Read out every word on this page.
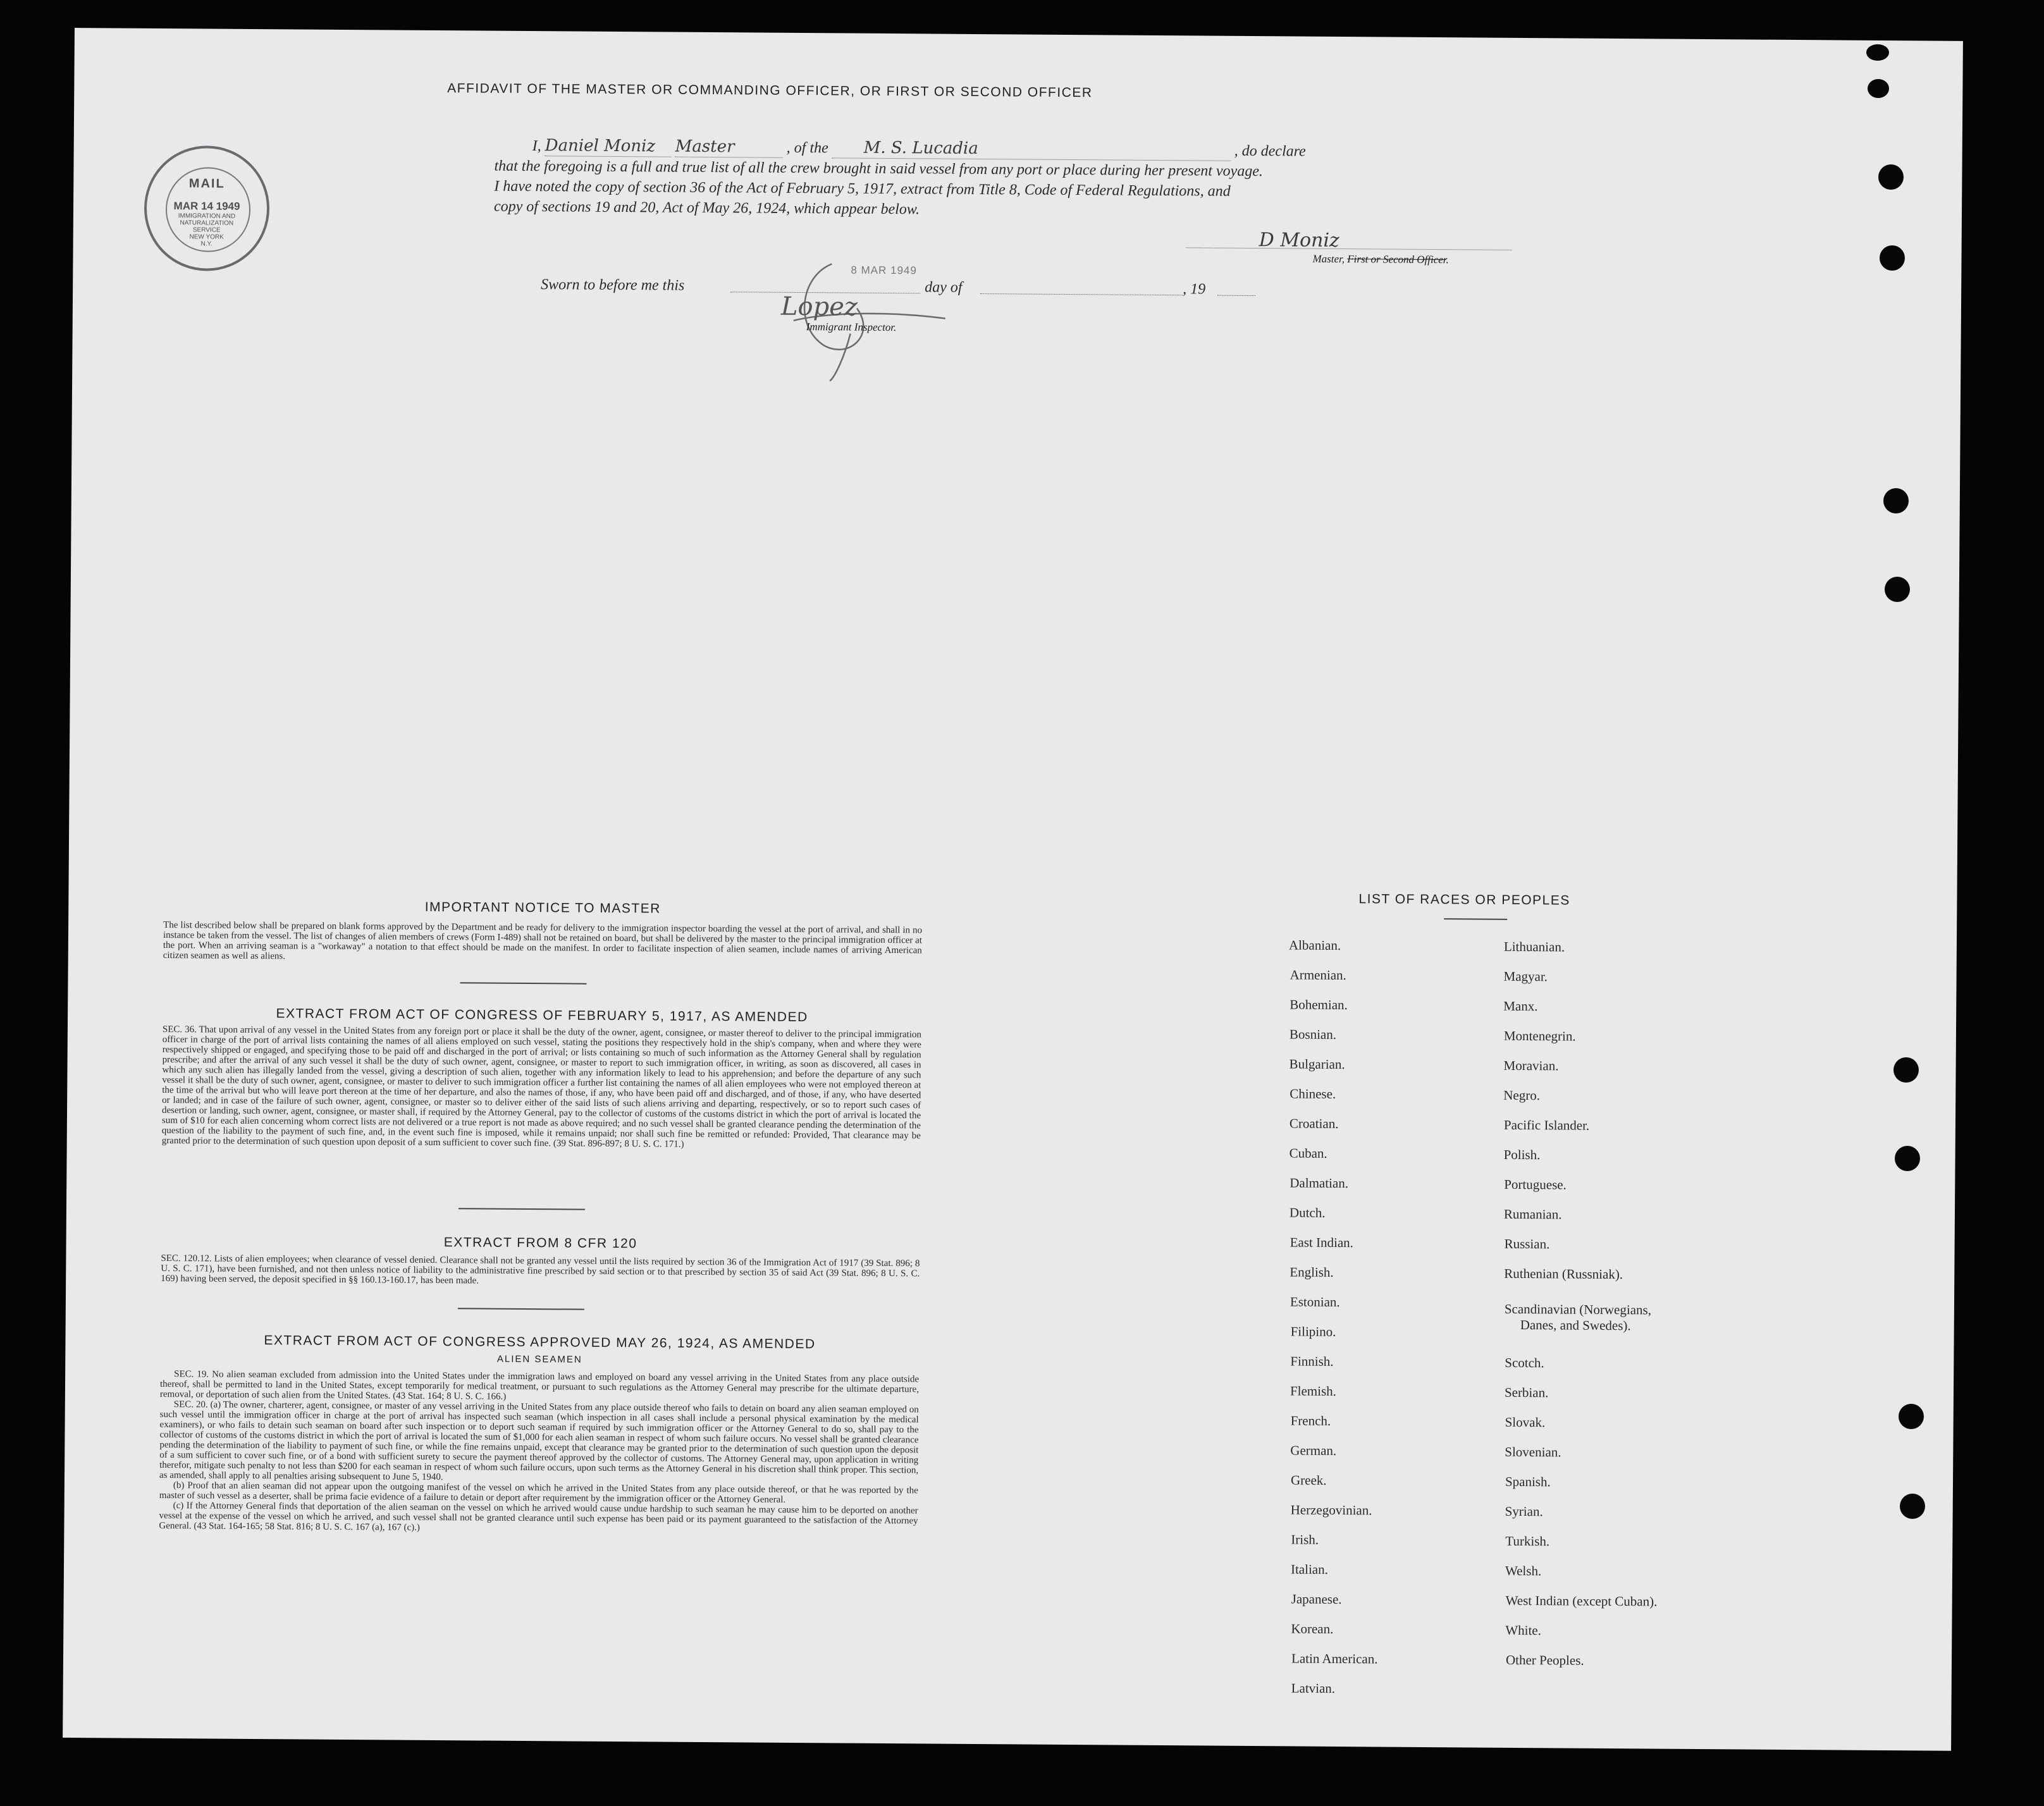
AFFIDAVIT OF THE MASTER OR COMMANDING OFFICER, OR FIRST OR SECOND OFFICER
I, Daniel Moniz Master	, of the M. S. Lucadia	, do declare
that the foregoing is a full and true list of all the crew brought in said vessel from any port or place during her present voyage.
I have noted the copy of section 36 of the Act of February 5, 1917, extract from Title 8, Code of Federal Regulations, and
copy of sections 19 and 20, Act of May 26, 1924, which appear below.
D Moniz
Master, First or Second Officer.
Sworn to before me this
8 MAR 1949
day of	, 19
Lopez
Immigrant Inspector.
MAIL
MAR 14 1949
IMMIGRATION AND
NATURALIZATION
SERVICE
NEW YORK
N.Y.
IMPORTANT NOTICE TO MASTER
The list described below shall be prepared on blank forms approved by the Department and be ready for delivery to the immigration inspector boarding the vessel at the port of arrival, and shall in no instance be taken from the vessel. The list of changes of alien members of crews (Form I-489) shall not be retained on board, but shall be delivered by the master to the principal immigration officer at the port. When an arriving seaman is a "workaway" a notation to that effect should be made on the manifest. In order to facilitate inspection of alien seamen, include names of arriving American citizen seamen as well as aliens.
EXTRACT FROM ACT OF CONGRESS OF FEBRUARY 5, 1917, AS AMENDED
SEC. 36. That upon arrival of any vessel in the United States from any foreign port or place it shall be the duty of the owner, agent, consignee, or master thereof to deliver to the principal immigration officer in charge of the port of arrival lists containing the names of all aliens employed on such vessel, stating the positions they respectively hold in the ship's company, when and where they were respectively shipped or engaged, and specifying those to be paid off and discharged in the port of arrival; or lists containing so much of such information as the Attorney General shall by regulation prescribe; and after the arrival of any such vessel it shall be the duty of such owner, agent, consignee, or master to report to such immigration officer, in writing, as soon as discovered, all cases in which any such alien has illegally landed from the vessel, giving a description of such alien, together with any information likely to lead to his apprehension; and before the departure of any such vessel it shall be the duty of such owner, agent, consignee, or master to deliver to such immigration officer a further list containing the names of all alien employees who were not employed thereon at the time of the arrival but who will leave port thereon at the time of her departure, and also the names of those, if any, who have been paid off and discharged, and of those, if any, who have deserted or landed; and in case of the failure of such owner, agent, consignee, or master so to deliver either of the said lists of such aliens arriving and departing, respectively, or so to report such cases of desertion or landing, such owner, agent, consignee, or master shall, if required by the Attorney General, pay to the collector of customs of the customs district in which the port of arrival is located the sum of $10 for each alien concerning whom correct lists are not delivered or a true report is not made as above required; and no such vessel shall be granted clearance pending the determination of the question of the liability to the payment of such fine, and, in the event such fine is imposed, while it remains unpaid; nor shall such fine be remitted or refunded: Provided, That clearance may be granted prior to the determination of such question upon deposit of a sum sufficient to cover such fine. (39 Stat. 896-897; 8 U. S. C. 171.)
EXTRACT FROM 8 CFR 120
SEC. 120.12. Lists of alien employees; when clearance of vessel denied. Clearance shall not be granted any vessel until the lists required by section 36 of the Immigration Act of 1917 (39 Stat. 896; 8 U. S. C. 171), have been furnished, and not then unless notice of liability to the administrative fine prescribed by said section or to that prescribed by section 35 of said Act (39 Stat. 896; 8 U. S. C. 169) having been served, the deposit specified in §§ 160.13-160.17, has been made.
EXTRACT FROM ACT OF CONGRESS APPROVED MAY 26, 1924, AS AMENDED
ALIEN SEAMEN
SEC. 19. No alien seaman excluded from admission into the United States under the immigration laws and employed on board any vessel arriving in the United States from any place outside thereof, shall be permitted to land in the United States, except temporarily for medical treatment, or pursuant to such regulations as the Attorney General may prescribe for the ultimate departure, removal, or deportation of such alien from the United States. (43 Stat. 164; 8 U. S. C. 166.)
SEC. 20. (a) The owner, charterer, agent, consignee, or master of any vessel arriving in the United States from any place outside thereof who fails to detain on board any alien seaman employed on such vessel until the immigration officer in charge at the port of arrival has inspected such seaman (which inspection in all cases shall include a personal physical examination by the medical examiners), or who fails to detain such seaman on board after such inspection or to deport such seaman if required by such immigration officer or the Attorney General to do so, shall pay to the collector of customs of the customs district in which the port of arrival is located the sum of $1,000 for each alien seaman in respect of whom such failure occurs. No vessel shall be granted clearance pending the determination of the liability to payment of such fine, or while the fine remains unpaid, except that clearance may be granted prior to the determination of such question upon the deposit of a sum sufficient to cover such fine, or of a bond with sufficient surety to secure the payment thereof approved by the collector of customs. The Attorney General may, upon application in writing therefor, mitigate such penalty to not less than $200 for each seaman in respect of whom such failure occurs, upon such terms as the Attorney General in his discretion shall think proper. This section, as amended, shall apply to all penalties arising subsequent to June 5, 1940.
(b) Proof that an alien seaman did not appear upon the outgoing manifest of the vessel on which he arrived in the United States from any place outside thereof, or that he was reported by the master of such vessel as a deserter, shall be prima facie evidence of a failure to detain or deport after requirement by the immigration officer or the Attorney General.
(c) If the Attorney General finds that deportation of the alien seaman on the vessel on which he arrived would cause undue hardship to such seaman he may cause him to be deported on another vessel at the expense of the vessel on which he arrived, and such vessel shall not be granted clearance until such expense has been paid or its payment guaranteed to the satisfaction of the Attorney General. (43 Stat. 164-165; 58 Stat. 816; 8 U. S. C. 167 (a), 167 (c).)
LIST OF RACES OR PEOPLES
Albanian.
Armenian.
Bohemian.
Bosnian.
Bulgarian.
Chinese.
Croatian.
Cuban.
Dalmatian.
Dutch.
East Indian.
English.
Estonian.
Filipino.
Finnish.
Flemish.
French.
German.
Greek.
Herzegovinian.
Irish.
Italian.
Japanese.
Korean.
Latin American.
Latvian.
Lithuanian.
Magyar.
Manx.
Montenegrin.
Moravian.
Negro.
Pacific Islander.
Polish.
Portuguese.
Rumanian.
Russian.
Ruthenian (Russniak).
Scandinavian (Norwegians,
Danes, and Swedes).
Scotch.
Serbian.
Slovak.
Slovenian.
Spanish.
Syrian.
Turkish.
Welsh.
West Indian (except Cuban).
White.
Other Peoples.
